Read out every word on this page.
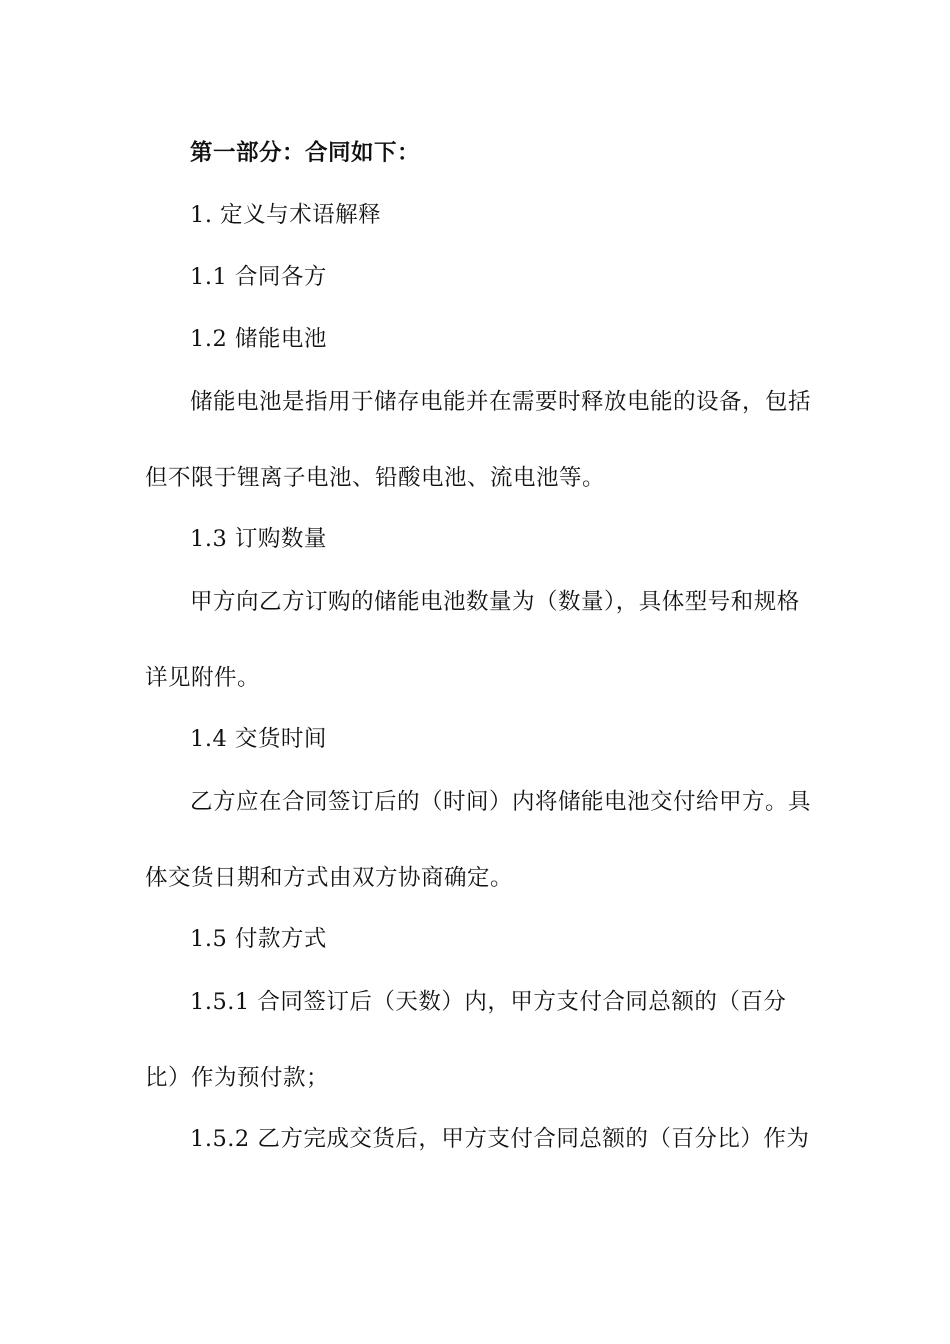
第一部分：合同如下：
1. 定义与术语解释
1.1 合同各方
1.2 储能电池
储能电池是指用于储存电能并在需要时释放电能的设备，包括
但不限于锂离子电池、铅酸电池、流电池等。
1.3 订购数量
甲方向乙方订购的储能电池数量为（数量），具体型号和规格
详见附件。
1.4 交货时间
乙方应在合同签订后的（时间）内将储能电池交付给甲方。具
体交货日期和方式由双方协商确定。
1.5 付款方式
1.5.1 合同签订后（天数）内，甲方支付合同总额的（百分
比）作为预付款；
1.5.2 乙方完成交货后，甲方支付合同总额的（百分比）作为
